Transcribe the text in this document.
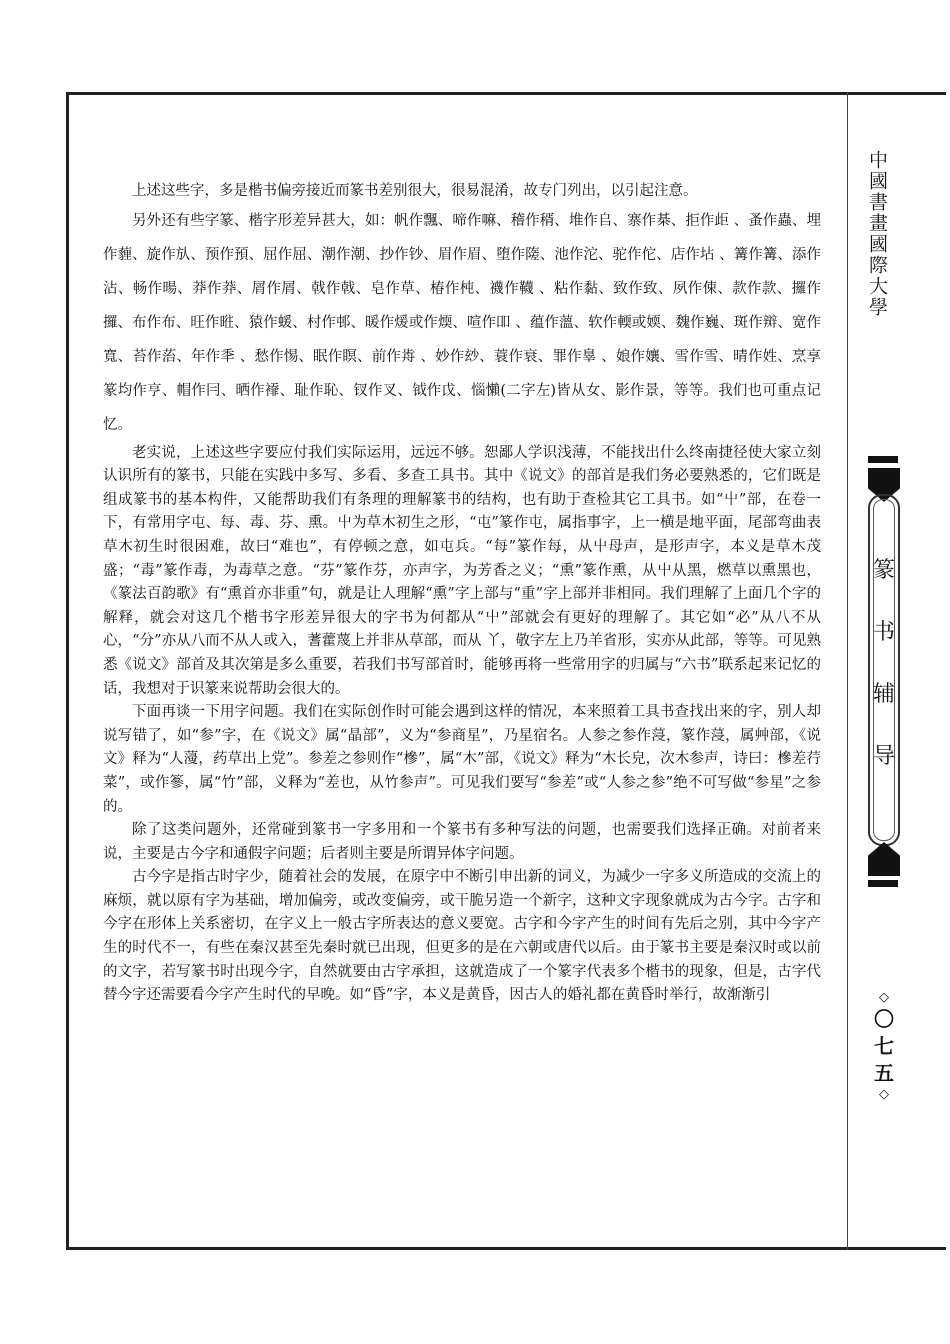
上述这些字，多是楷书偏旁接近而篆书差别很大，很易混淆，故专门列出，以引起注意。

另外还有些字篆、楷字形差异甚大，如：帆作飄、啼作嘛、稽作稰、堆作𠂤、寨作棊、拒作歫 、蚤作蟲、埋作薶、旋作㫃、预作預、屈作屈、潮作潮、抄作钞、眉作眉、堕作隓、池作沱、驼作佗、店作坫 、篝作篝、添作沾、畅作暘、莽作莽、屑作屑、戟作戟、皂作草、椿作杶、襪作韈 、粘作黏、致作致、夙作㑛、款作款、攞作攞、布作布、旺作暀、猿作蝯、村作邨、暖作煖或作煗、喧作吅 、蕴作薀、软作輭或媆、魏作巍、斑作辬、宽作寬、苔作菭、年作秊 、愁作惕、眠作瞑、前作歬 、妙作玅、蓑作衰、罪作辠 、娘作孃、雪作雪、晴作姓、烹享篆均作亨、帽作冃、晒作䙣、耻作恥、钗作叉、钺作戉、惱懶(二字左)皆从女、影作景，等等。我们也可重点记忆。

老实说，上述这些字要应付我们实际运用，远远不够。恕鄙人学识浅薄，不能找出什么终南捷径使大家立刻认识所有的篆书，只能在实践中多写、多看、多查工具书。其中《说文》的部首是我们务必要熟悉的，它们既是组成篆书的基本构件，又能帮助我们有条理的理解篆书的结构，也有助于查检其它工具书。如“屮”部，在卷一下，有常用字屯、每、毒、芬、熏。屮为草木初生之形，“屯”篆作屯，属指事字，上一横是地平面，尾部弯曲表草木初生时很困难，故曰“难也”，有停顿之意，如屯兵。“每”篆作每，从屮母声，是形声字，本义是草木茂盛；“毒”篆作毒，为毒草之意。“芬”篆作芬，亦声字，为芳香之义；“熏”篆作熏，从屮从黑，燃草以熏黑也，《篆法百韵歌》有“熏首亦非重”句，就是让人理解“熏”字上部与“重”字上部并非相同。我们理解了上面几个字的解释，就会对这几个楷书字形差异很大的字书为何都从“屮”部就会有更好的理解了。其它如“必”从八不从心，“分”亦从八而不从人或入，蓍藿蔑上并非从草部，而从 丫，敬字左上乃羊省形，实亦从此部，等等。可见熟悉《说文》部首及其次第是多么重要，若我们书写部首时，能够再将一些常用字的归属与“六书”联系起来记忆的话，我想对于识篆来说帮助会很大的。

下面再谈一下用字问题。我们在实际创作时可能会遇到这样的情况，本来照着工具书查找出来的字，别人却说写错了，如“参”字，在《说文》属“晶部”，义为“参商星”，乃星宿名。人参之参作蓡，篆作蓡，属艸部，《说文》释为“人薓，药草出上党”。参差之参则作“槮”，属“木”部，《说文》释为“木长皃，次木参声，诗曰：槮差荇菜”，或作篸，属“竹”部，义释为“差也，从竹参声”。可见我们要写“参差”或“人参之参”绝不可写做“参星”之参的。

除了这类问题外，还常碰到篆书一字多用和一个篆书有多种写法的问题，也需要我们选择正确。对前者来说，主要是古今字和通假字问题；后者则主要是所谓异体字问题。

古今字是指古时字少，随着社会的发展，在原字中不断引申出新的词义，为减少一字多义所造成的交流上的麻烦，就以原有字为基础，增加偏旁，或改变偏旁，或干脆另造一个新字，这种文字现象就成为古今字。古字和今字在形体上关系密切，在字义上一般古字所表达的意义要宽。古字和今字产生的时间有先后之别，其中今字产生的时代不一，有些在秦汉甚至先秦时就已出现，但更多的是在六朝或唐代以后。由于篆书主要是秦汉时或以前的文字，若写篆书时出现今字，自然就要由古字承担，这就造成了一个篆字代表多个楷书的现象，但是，古字代替今字还需要看今字产生时代的早晚。如“昏”字，本义是黄昏，因古人的婚礼都在黄昏时举行，故渐渐引

中國書畫國際大學
篆
书
辅
导
◇
〇
七
五
◇
